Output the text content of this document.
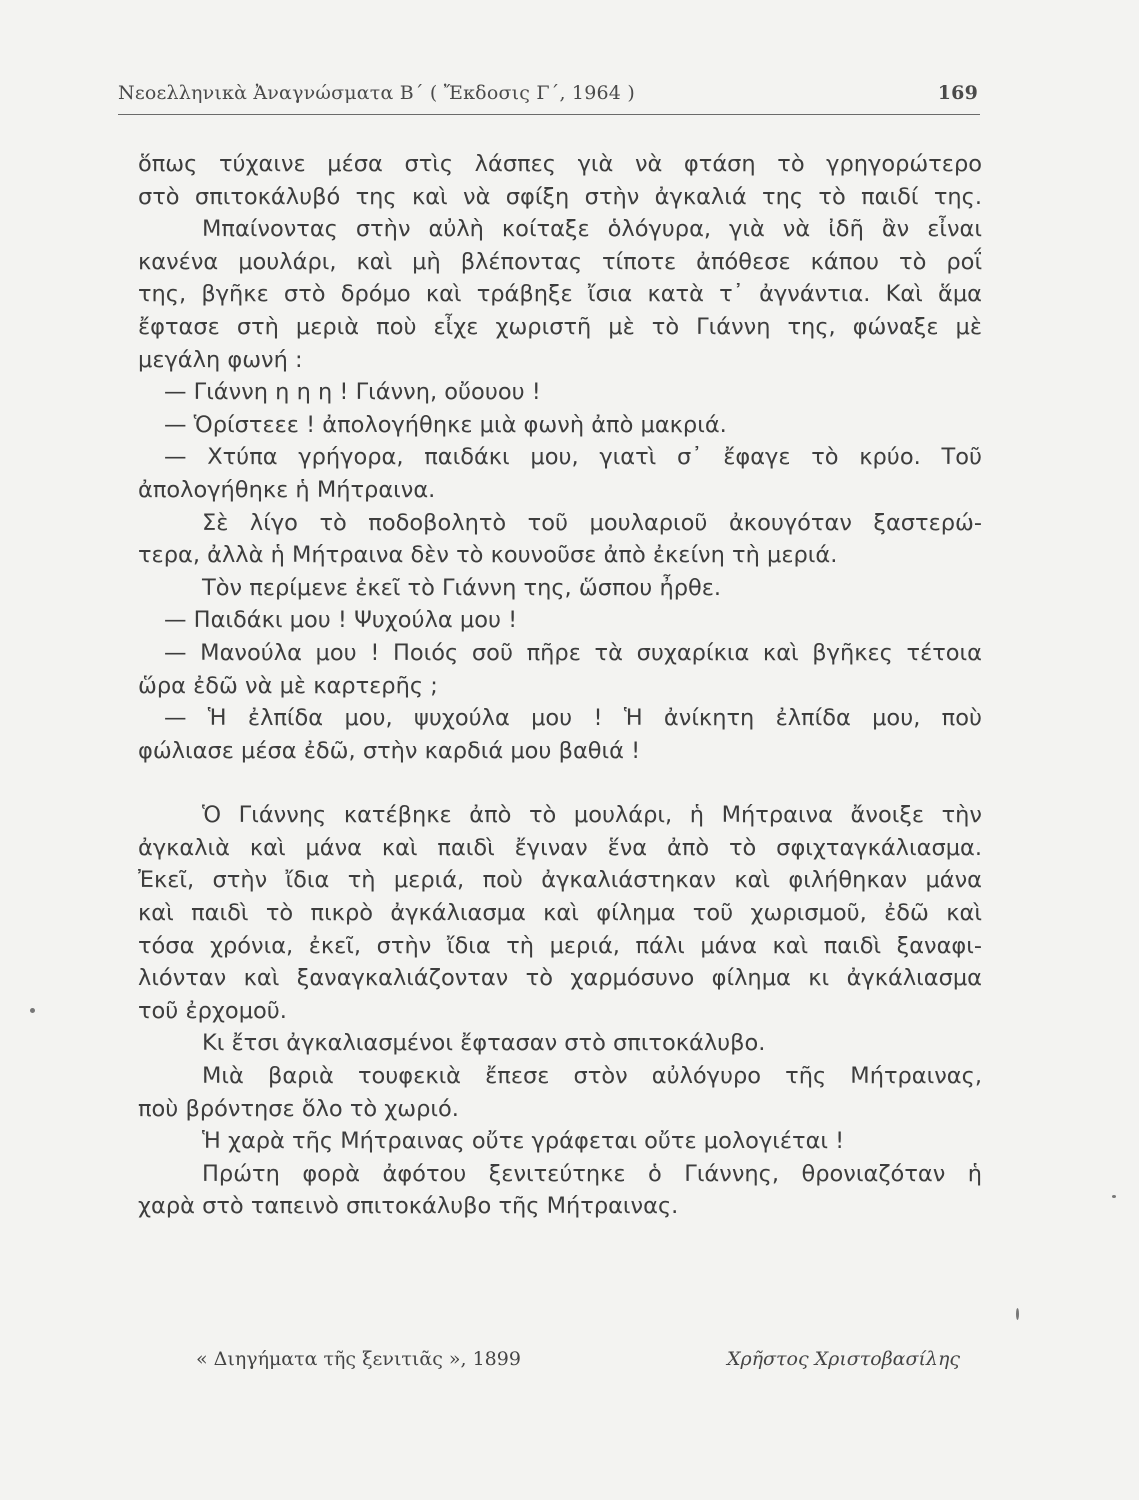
Νεοελληνικὰ Ἀναγνώσματα Β΄ ( Ἔκδοσις Γ΄, 1964 )	169
ὅπως τύχαινε μέσα στὶς λάσπες γιὰ νὰ φτάση τὸ γρηγορώτερο
στὸ σπιτοκάλυβό της καὶ νὰ σφίξη στὴν ἀγκαλιά της τὸ παιδί της.
Μπαίνοντας στὴν αὐλὴ κοίταξε ὁλόγυρα, γιὰ νὰ ἰδῆ ἂν εἶναι
κανένα μουλάρι, καὶ μὴ βλέποντας τίποτε ἀπόθεσε κάπου τὸ ροΐ
της, βγῆκε στὸ δρόμο καὶ τράβηξε ἴσια κατὰ τ᾽ ἀγνάντια. Καὶ ἅμα
ἔφτασε στὴ μεριὰ ποὺ εἶχε χωριστῆ μὲ τὸ Γιάννη της, φώναξε μὲ
μεγάλη φωνή :
— Γιάννη η η η ! Γιάννη, οὔουου !
— Ὁρίστεεε ! ἀπολογήθηκε μιὰ φωνὴ ἀπὸ μακριά.
— Χτύπα γρήγορα, παιδάκι μου, γιατὶ σ᾽ ἔφαγε τὸ κρύο. Τοῦ
ἀπολογήθηκε ἡ Μήτραινα.
Σὲ λίγο τὸ ποδοβολητὸ τοῦ μουλαριοῦ ἀκουγόταν ξαστερώ-
τερα, ἀλλὰ ἡ Μήτραινα δὲν τὸ κουνοῦσε ἀπὸ ἐκείνη τὴ μεριά.
Τὸν περίμενε ἐκεῖ τὸ Γιάννη της, ὥσπου ἦρθε.
— Παιδάκι μου ! Ψυχούλα μου !
— Μανούλα μου ! Ποιός σοῦ πῆρε τὰ συχαρίκια καὶ βγῆκες τέτοια
ὥρα ἐδῶ νὰ μὲ καρτερῆς ;
— Ἡ ἐλπίδα μου, ψυχούλα μου ! Ἡ ἀνίκητη ἐλπίδα μου, ποὺ
φώλιασε μέσα ἐδῶ, στὴν καρδιά μου βαθιά !
Ὁ Γιάννης κατέβηκε ἀπὸ τὸ μουλάρι, ἡ Μήτραινα ἄνοιξε τὴν
ἀγκαλιὰ καὶ μάνα καὶ παιδὶ ἔγιναν ἕνα ἀπὸ τὸ σφιχταγκάλιασμα.
Ἐκεῖ, στὴν ἴδια τὴ μεριά, ποὺ ἀγκαλιάστηκαν καὶ φιλήθηκαν μάνα
καὶ παιδὶ τὸ πικρὸ ἀγκάλιασμα καὶ φίλημα τοῦ χωρισμοῦ, ἐδῶ καὶ
τόσα χρόνια, ἐκεῖ, στὴν ἴδια τὴ μεριά, πάλι μάνα καὶ παιδὶ ξαναφι-
λιόνταν καὶ ξαναγκαλιάζονταν τὸ χαρμόσυνο φίλημα κι ἀγκάλιασμα
τοῦ ἐρχομοῦ.
Κι ἔτσι ἀγκαλιασμένοι ἔφτασαν στὸ σπιτοκάλυβο.
Μιὰ βαριὰ τουφεκιὰ ἔπεσε στὸν αὐλόγυρο τῆς Μήτραινας,
ποὺ βρόντησε ὅλο τὸ χωριό.
Ἡ χαρὰ τῆς Μήτραινας οὔτε γράφεται οὔτε μολογιέται !
Πρώτη φορὰ ἀφότου ξενιτεύτηκε ὁ Γιάννης, θρονιαζόταν ἡ
χαρὰ στὸ ταπεινὸ σπιτοκάλυβο τῆς Μήτραινας.
« Διηγήματα τῆς ξενιτιᾶς », 1899	Χρῆστος Χριστοβασίλης
